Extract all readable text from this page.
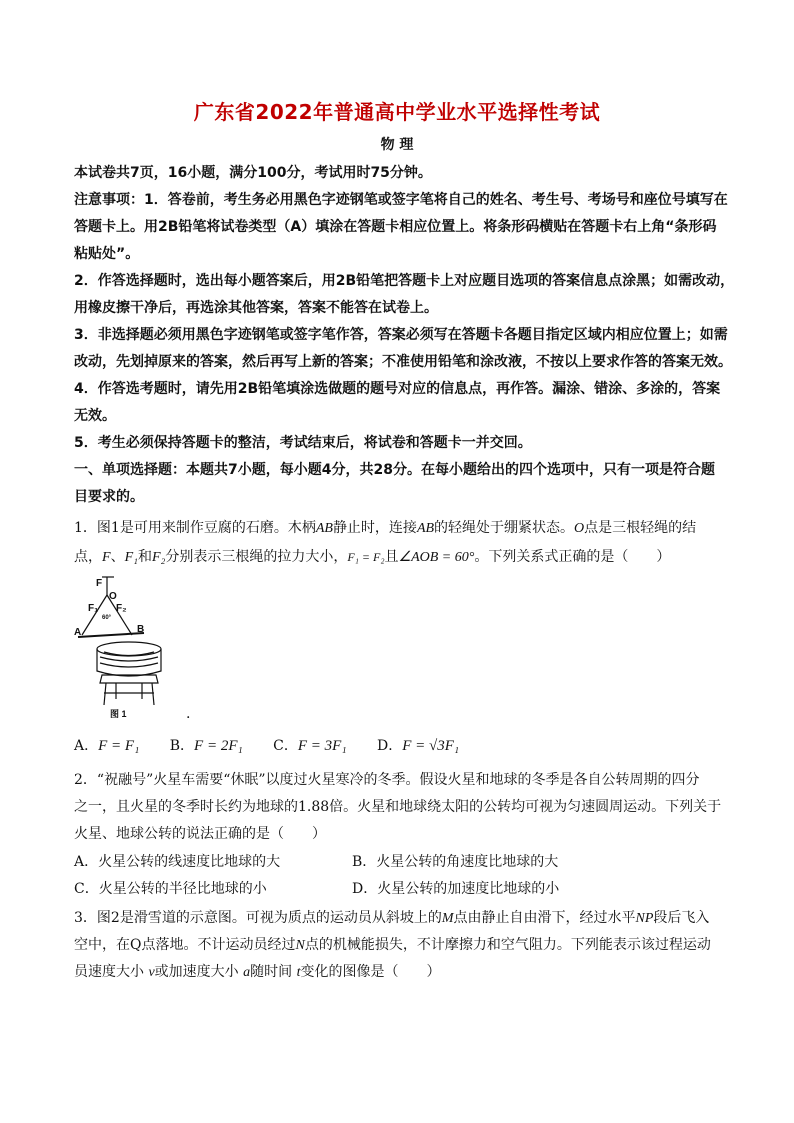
广东省2022年普通高中学业水平选择性考试
物 理
本试卷共7页，16小题，满分100分，考试用时75分钟。
注意事项：1．答卷前，考生务必用黑色字迹钢笔或签字笔将自己的姓名、考生号、考场号和座位号填写在
答题卡上。用2B铅笔将试卷类型（A）填涂在答题卡相应位置上。将条形码横贴在答题卡右上角“条形码
粘贴处”。
2．作答选择题时，选出每小题答案后，用2B铅笔把答题卡上对应题目选项的答案信息点涂黑；如需改动，
用橡皮擦干净后，再选涂其他答案，答案不能答在试卷上。
3．非选择题必须用黑色字迹钢笔或签字笔作答，答案必须写在答题卡各题目指定区域内相应位置上；如需
改动，先划掉原来的答案，然后再写上新的答案；不准使用铅笔和涂改液，不按以上要求作答的答案无效。
4．作答选考题时，请先用2B铅笔填涂选做题的题号对应的信息点，再作答。漏涂、错涂、多涂的，答案
无效。
5．考生必须保持答题卡的整洁，考试结束后，将试卷和答题卡一并交回。
一、单项选择题：本题共7小题，每小题4分，共28分。在每小题给出的四个选项中，只有一项是符合题
目要求的。
1．图1是可用来制作豆腐的石磨。木柄AB静止时，连接AB的轻绳处于绷紧状态。O点是三根轻绳的结
点，F、F₁和F₂分别表示三根绳的拉力大小，F₁ = F₂且∠AOB = 60°。下列关系式正确的是（　　）
F
O
F₁ F₂
60°
A	B
图 1	.
A．F = F₁ B．F = 2F₁ C．F = 3F₁ D．F = √3F₁
2．“祝融号”火星车需要“休眠”以度过火星寒冷的冬季。假设火星和地球的冬季是各自公转周期的四分
之一，且火星的冬季时长约为地球的1.88倍。火星和地球绕太阳的公转均可视为匀速圆周运动。下列关于
火星、地球公转的说法正确的是（　　）
A．火星公转的线速度比地球的大	B．火星公转的角速度比地球的大
C．火星公转的半径比地球的小	D．火星公转的加速度比地球的小
3．图2是滑雪道的示意图。可视为质点的运动员从斜坡上的M点由静止自由滑下，经过水平NP段后飞入
空中，在Q点落地。不计运动员经过N点的机械能损失，不计摩擦力和空气阻力。下列能表示该过程运动
员速度大小 v或加速度大小 a随时间 t变化的图像是（　　）
